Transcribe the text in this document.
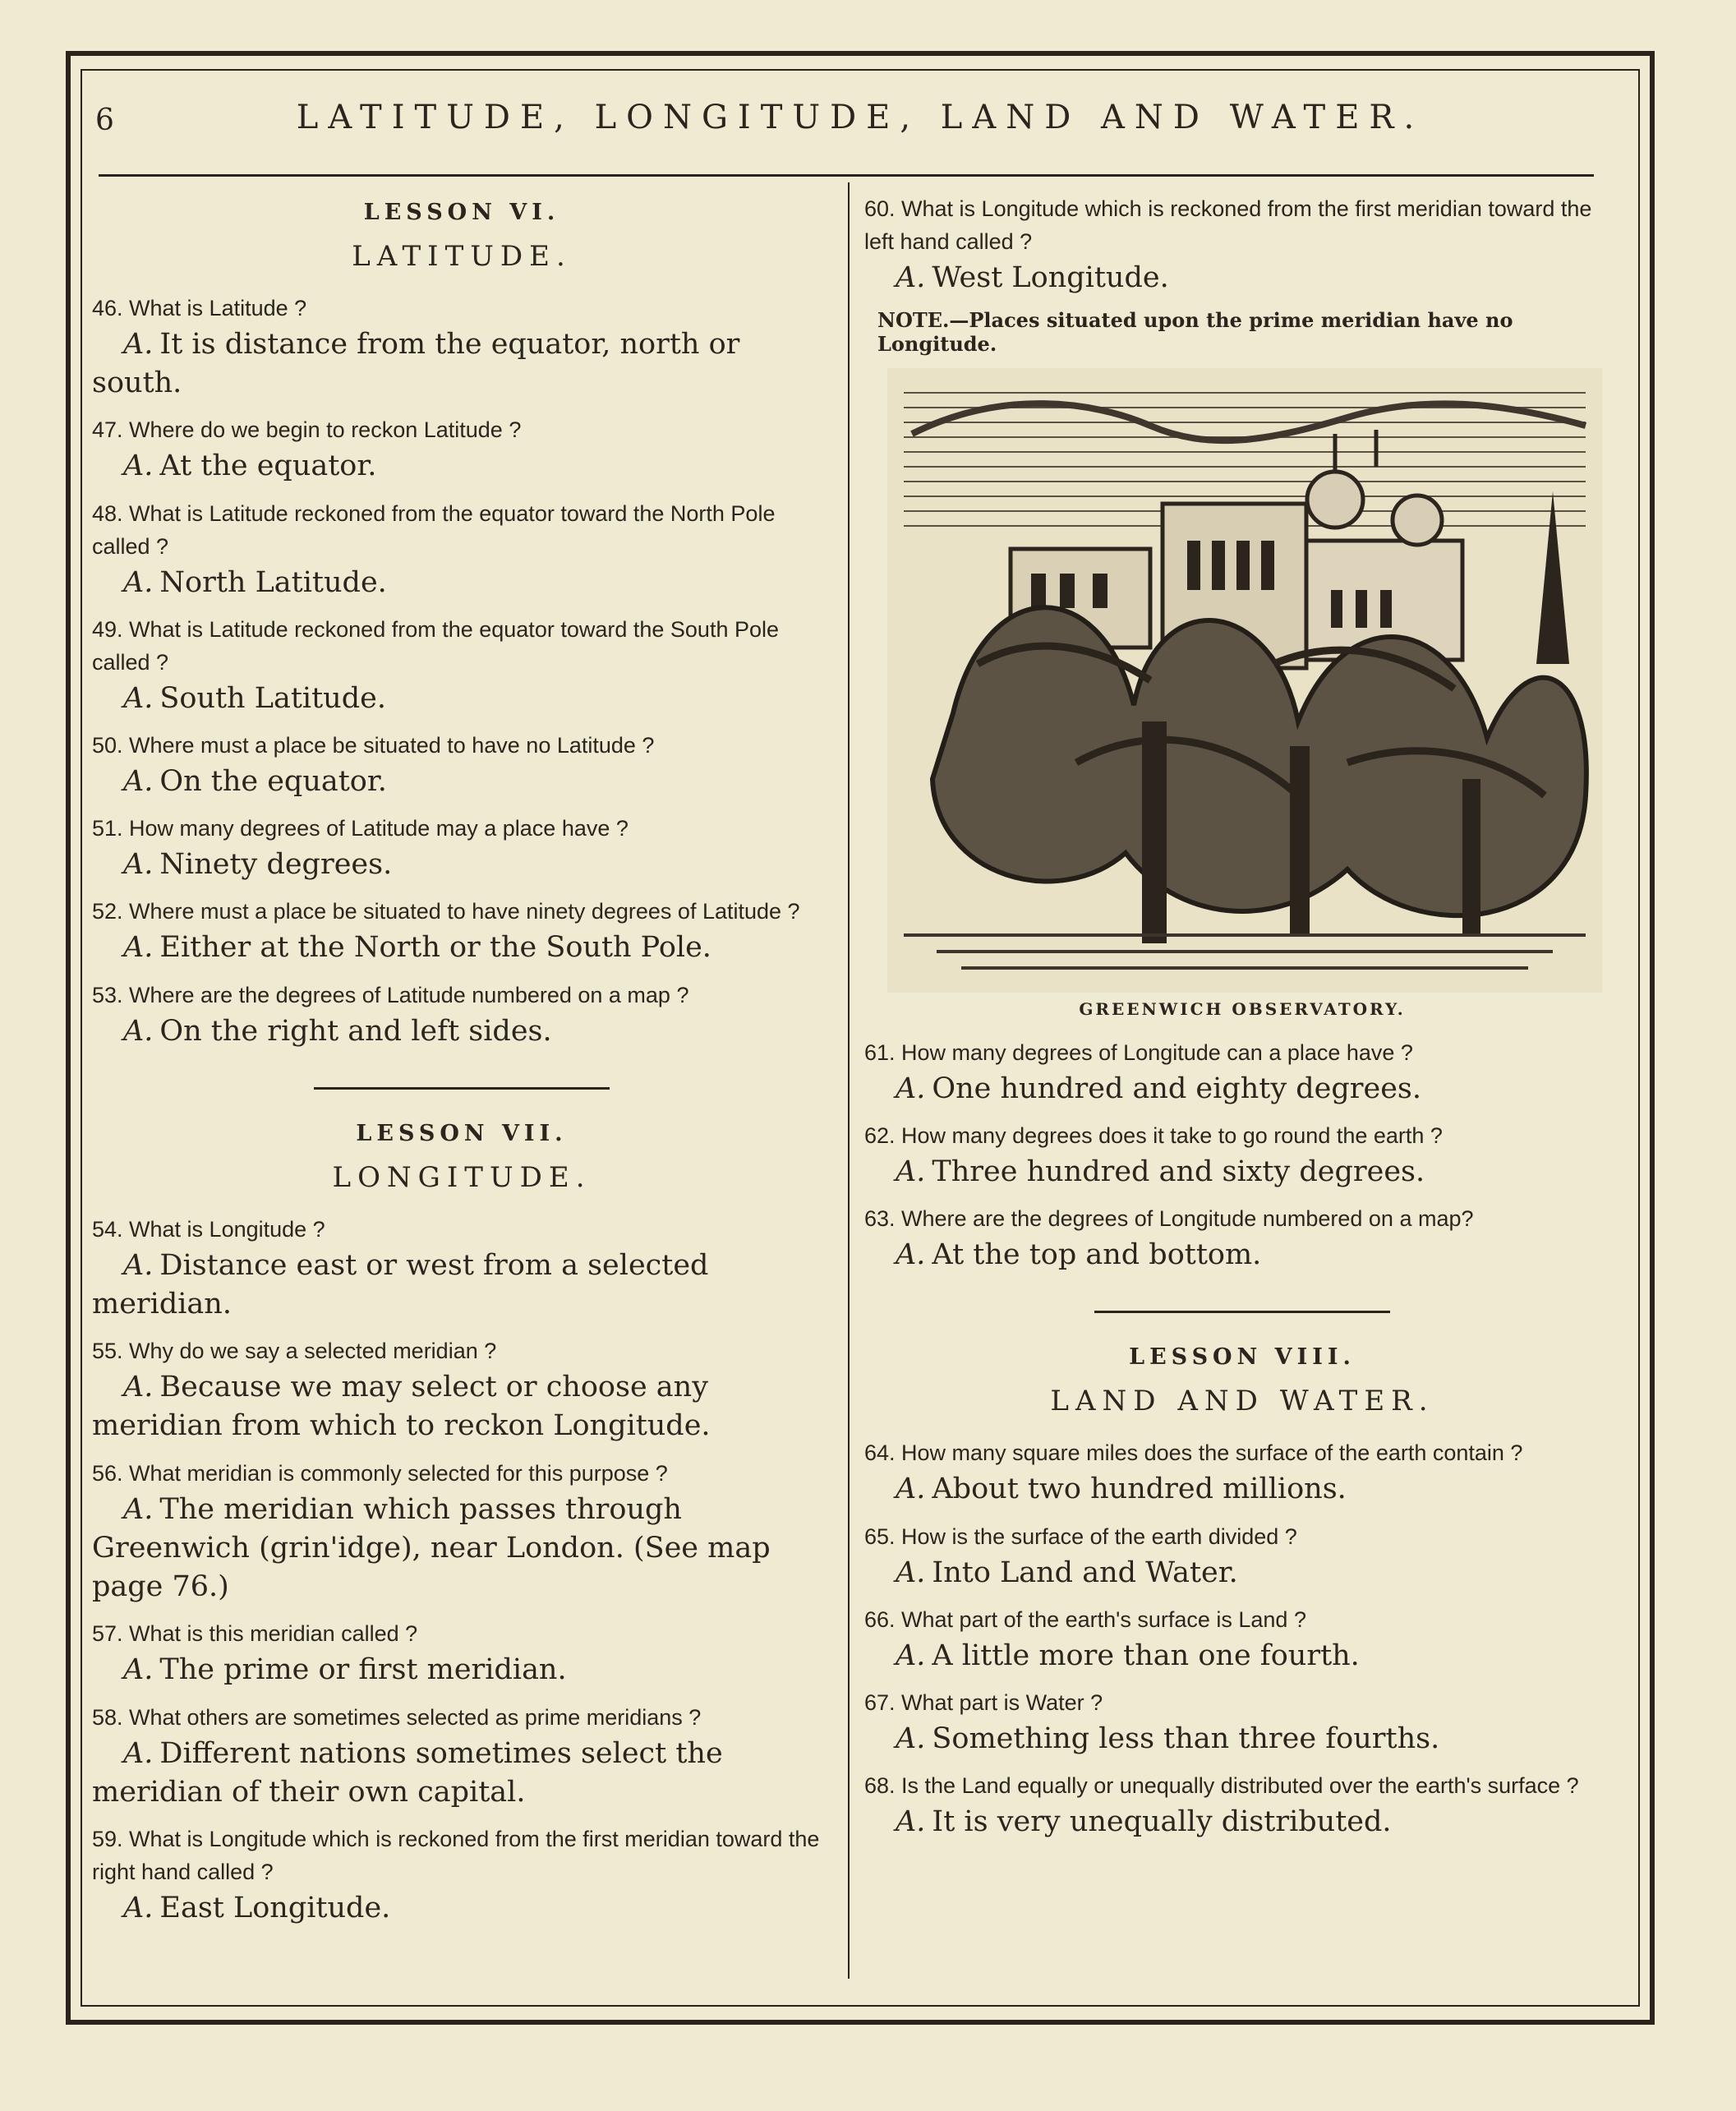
6	LATITUDE, LONGITUDE, LAND AND WATER.
LESSON VI.
LATITUDE.

46. What is Latitude ?

A. It is distance from the equator, north or south.

47. Where do we begin to reckon Latitude ?

A. At the equator.

48. What is Latitude reckoned from the equator toward the North Pole called ?

A. North Latitude.

49. What is Latitude reckoned from the equator toward the South Pole called ?

A. South Latitude.

50. Where must a place be situated to have no Latitude ?

A. On the equator.

51. How many degrees of Latitude may a place have ?

A. Ninety degrees.

52. Where must a place be situated to have ninety degrees of Latitude ?

A. Either at the North or the South Pole.

53. Where are the degrees of Latitude numbered on a map ?

A. On the right and left sides.

LESSON VII.
LONGITUDE.

54. What is Longitude ?

A. Distance east or west from a selected meridian.

55. Why do we say a selected meridian ?

A. Because we may select or choose any meridian from which to reckon Longitude.

56. What meridian is commonly selected for this purpose ?

A. The meridian which passes through Greenwich (grin'idge), near London. (See map page 76.)

57. What is this meridian called ?

A. The prime or first meridian.

58. What others are sometimes selected as prime meridians ?

A. Different nations sometimes select the meridian of their own capital.

59. What is Longitude which is reckoned from the first meridian toward the right hand called ?

A. East Longitude.

60. What is Longitude which is reckoned from the first meridian toward the left hand called ?

A. West Longitude.

NOTE.—Places situated upon the prime meridian have no Longitude.

GREENWICH OBSERVATORY.

61. How many degrees of Longitude can a place have ?

A. One hundred and eighty degrees.

62. How many degrees does it take to go round the earth ?

A. Three hundred and sixty degrees.

63. Where are the degrees of Longitude numbered on a map?

A. At the top and bottom.

LESSON VIII.
LAND AND WATER.

64. How many square miles does the surface of the earth contain ?

A. About two hundred millions.

65. How is the surface of the earth divided ?

A. Into Land and Water.

66. What part of the earth's surface is Land ?

A. A little more than one fourth.

67. What part is Water ?

A. Something less than three fourths.

68. Is the Land equally or unequally distributed over the earth's surface ?

A. It is very unequally distributed.
